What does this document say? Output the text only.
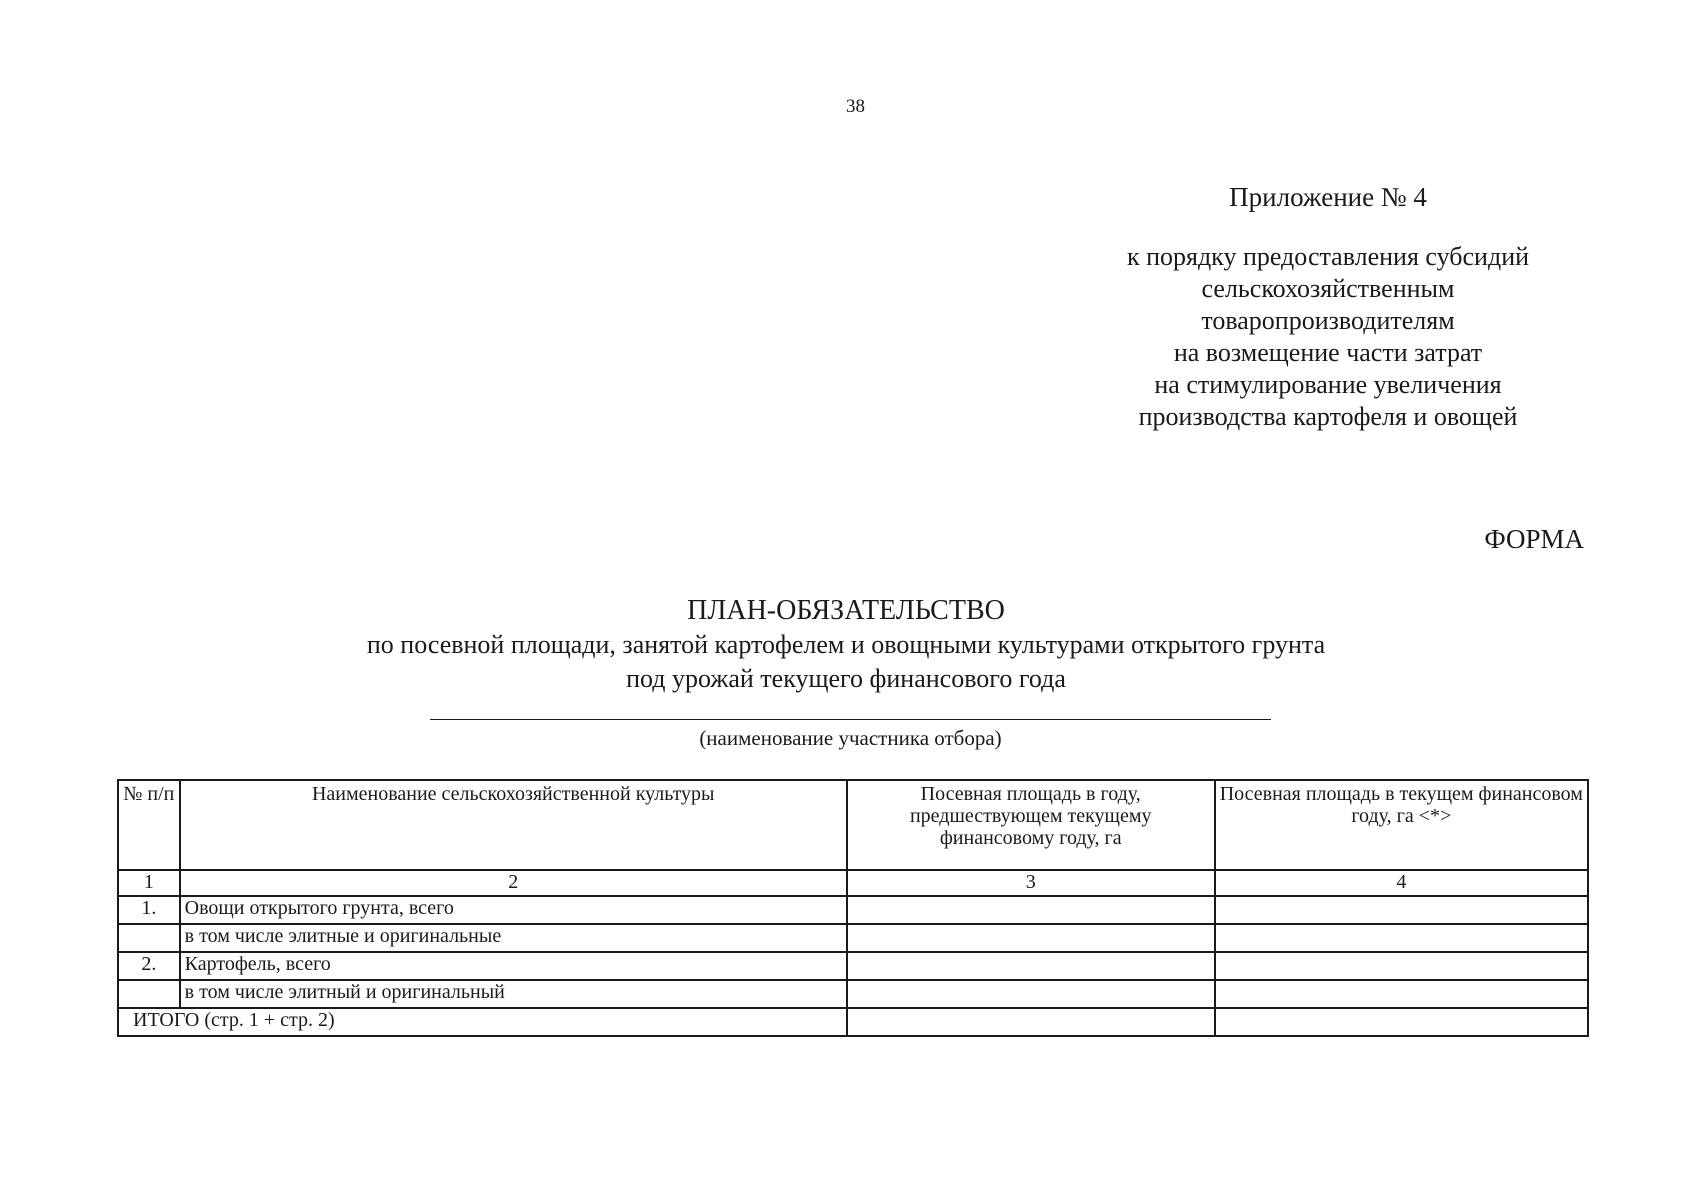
38
Приложение № 4
к порядку предоставления субсидий
сельскохозяйственным
товаропроизводителям
на возмещение части затрат
на стимулирование увеличения
производства картофеля и овощей
ФОРМА
ПЛАН-ОБЯЗАТЕЛЬСТВО
по посевной площади, занятой картофелем и овощными культурами открытого грунта
под урожай текущего финансового года
(наименование участника отбора)
№ п/п	Наименование сельскохозяйственной культуры	Посевная площадь в году, предшествующем текущему финансовому году, га	Посевная площадь в текущем финансовом году, га <*>
1	2	3	4
1.	Овощи открытого грунта, всего		
	в том числе элитные и оригинальные		
2.	Картофель, всего		
	в том числе элитный и оригинальный		
ИТОГО (стр. 1 + стр. 2)			
